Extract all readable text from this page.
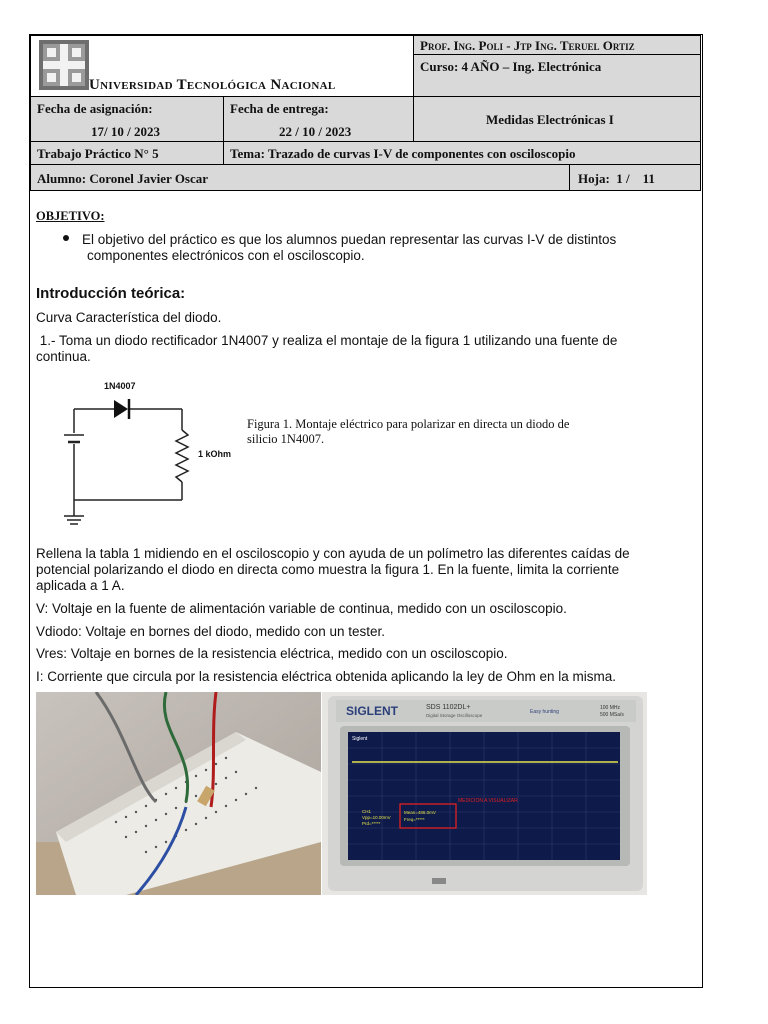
Universidad Tecnológica Nacional
Prof. Ing. Poli - Jtp Ing. Teruel Ortiz
Curso: 4 AÑO – Ing. Electrónica
Fecha de asignación:
17/ 10 / 2023
Fecha de entrega:
22 / 10 / 2023
Medidas Electrónicas I
Trabajo Práctico N° 5	Tema: Trazado de curvas I-V de componentes con osciloscopio
Alumno: Coronel Javier Oscar	Hoja:  1 /    11
OBJETIVO:
El objetivo del práctico es que los alumnos puedan representar las curvas I-V de distintos
componentes electrónicos con el osciloscopio.
Introducción teórica:
Curva Característica del diodo.
1.- Toma un diodo rectificador 1N4007 y realiza el montaje de la figura 1 utilizando una fuente de
continua.
1N4007
1 kOhm
Figura 1. Montaje eléctrico para polarizar en directa un diodo de
silicio 1N4007.
Rellena la tabla 1 midiendo en el osciloscopio y con ayuda de un polímetro las diferentes caídas de
potencial polarizando el diodo en directa como muestra la figura 1. En la fuente, limita la corriente
aplicada a 1 A.
V: Voltaje en la fuente de alimentación variable de continua, medido con un osciloscopio.
Vdiodo: Voltaje en bornes del diodo, medido con un tester.
Vres: Voltaje en bornes de la resistencia eléctrica, medido con un osciloscopio.
I: Corriente que circula por la resistencia eléctrica obtenida aplicando la ley de Ohm en la misma.
SIGLENT	SDS 1102DL+
Digital Storage Oscilloscope
Easy hunting
100 MHz
500 MSa/s
Siglent
CH1
Vpp=10.00mV
Prd=*****
Mean=486.0mV
Freq=*****
MEDICION A VISUALIZAR
